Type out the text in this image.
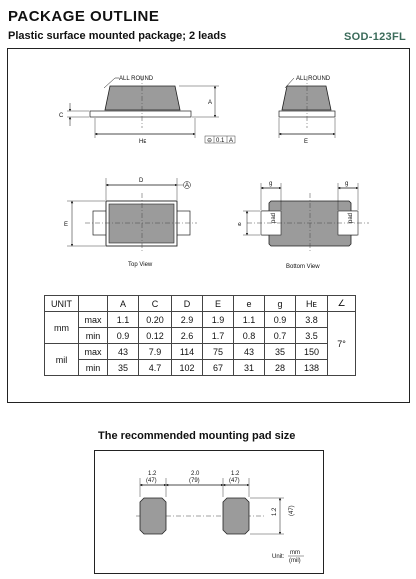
PACKAGE OUTLINE
Plastic surface mounted package; 2 leads	SOD-123FL
Hᴇ
C
A
ALL ROUND
⊖ 0.1 A	E
ALL ROUND
D
A
E
Top View
pad	pad
g	g
e
Bottom View
UNIT		A	C	D	E	e	g	Hᴇ	∠
mm	max	1.1	0.20	2.9	1.9	1.1	0.9	3.8	7°
	min	0.9	0.12	2.6	1.7	0.8	0.7	3.5	
mil	max	43	7.9	114	75	43	35	150	
	min	35	4.7	102	67	31	28	138	
The recommended mounting pad size
1.2
(47)
2.0
(79)
1.2
(47)
1.2 (47)
Unit:
mm
(mil)
